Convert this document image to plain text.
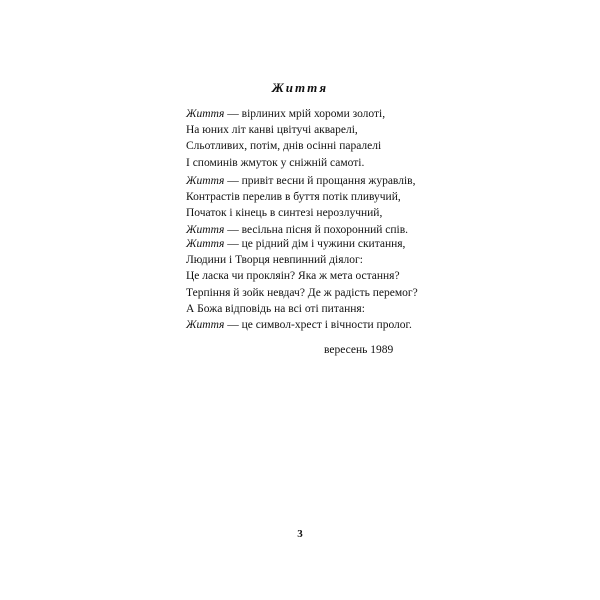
Життя
Життя — вірлиних мрій хороми золоті,
На юних літ канві цвітучі акварелі,
Сльотливих, потім, днів осінні паралелі
І споминів жмуток у сніжній самоті.
Життя — привіт весни й прощання журавлів,
Контрастів перелив в буття потік пливучий,
Початок і кінець в синтезі нерозлучний,
Життя — весільна пісня й похоронний спів.
Життя — це рідний дім і чужини скитання,
Людини і Творця невпинний діялог:
Це ласка чи прокляін? Яка ж мета остання?
Терпіння й зойк невдач? Де ж радість перемог?
А Божа відповідь на всі оті питання:
Життя — це символ-хрест і вічности пролог.
вересень 1989
3
